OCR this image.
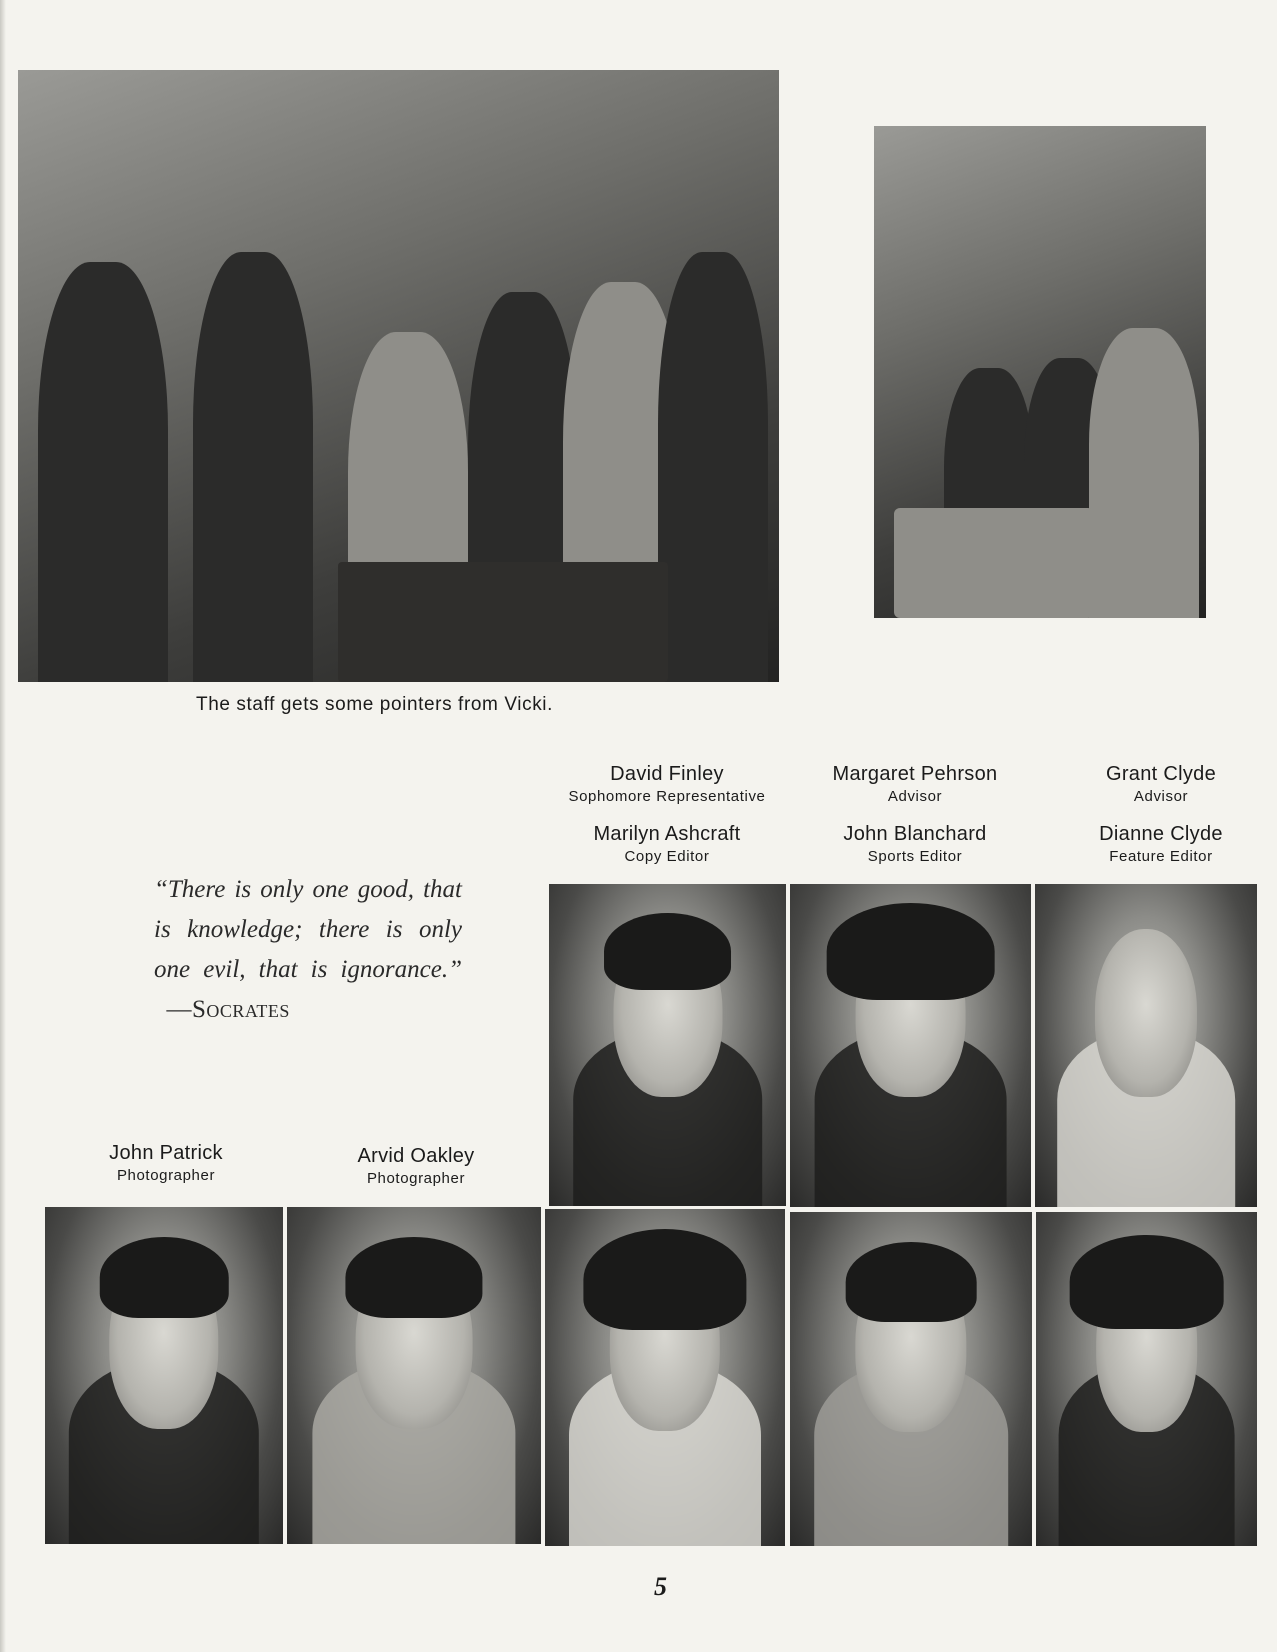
The staff gets some pointers from Vicki.
David Finley
Sophomore Representative
Margaret Pehrson
Advisor
Grant Clyde
Advisor
Marilyn Ashcraft
Copy Editor
John Blanchard
Sports Editor
Dianne Clyde
Feature Editor
“There is only one good, that is knowledge; there is only one evil, that is ignorance.”   —Socrates
John Patrick
Photographer
Arvid Oakley
Photographer
5
